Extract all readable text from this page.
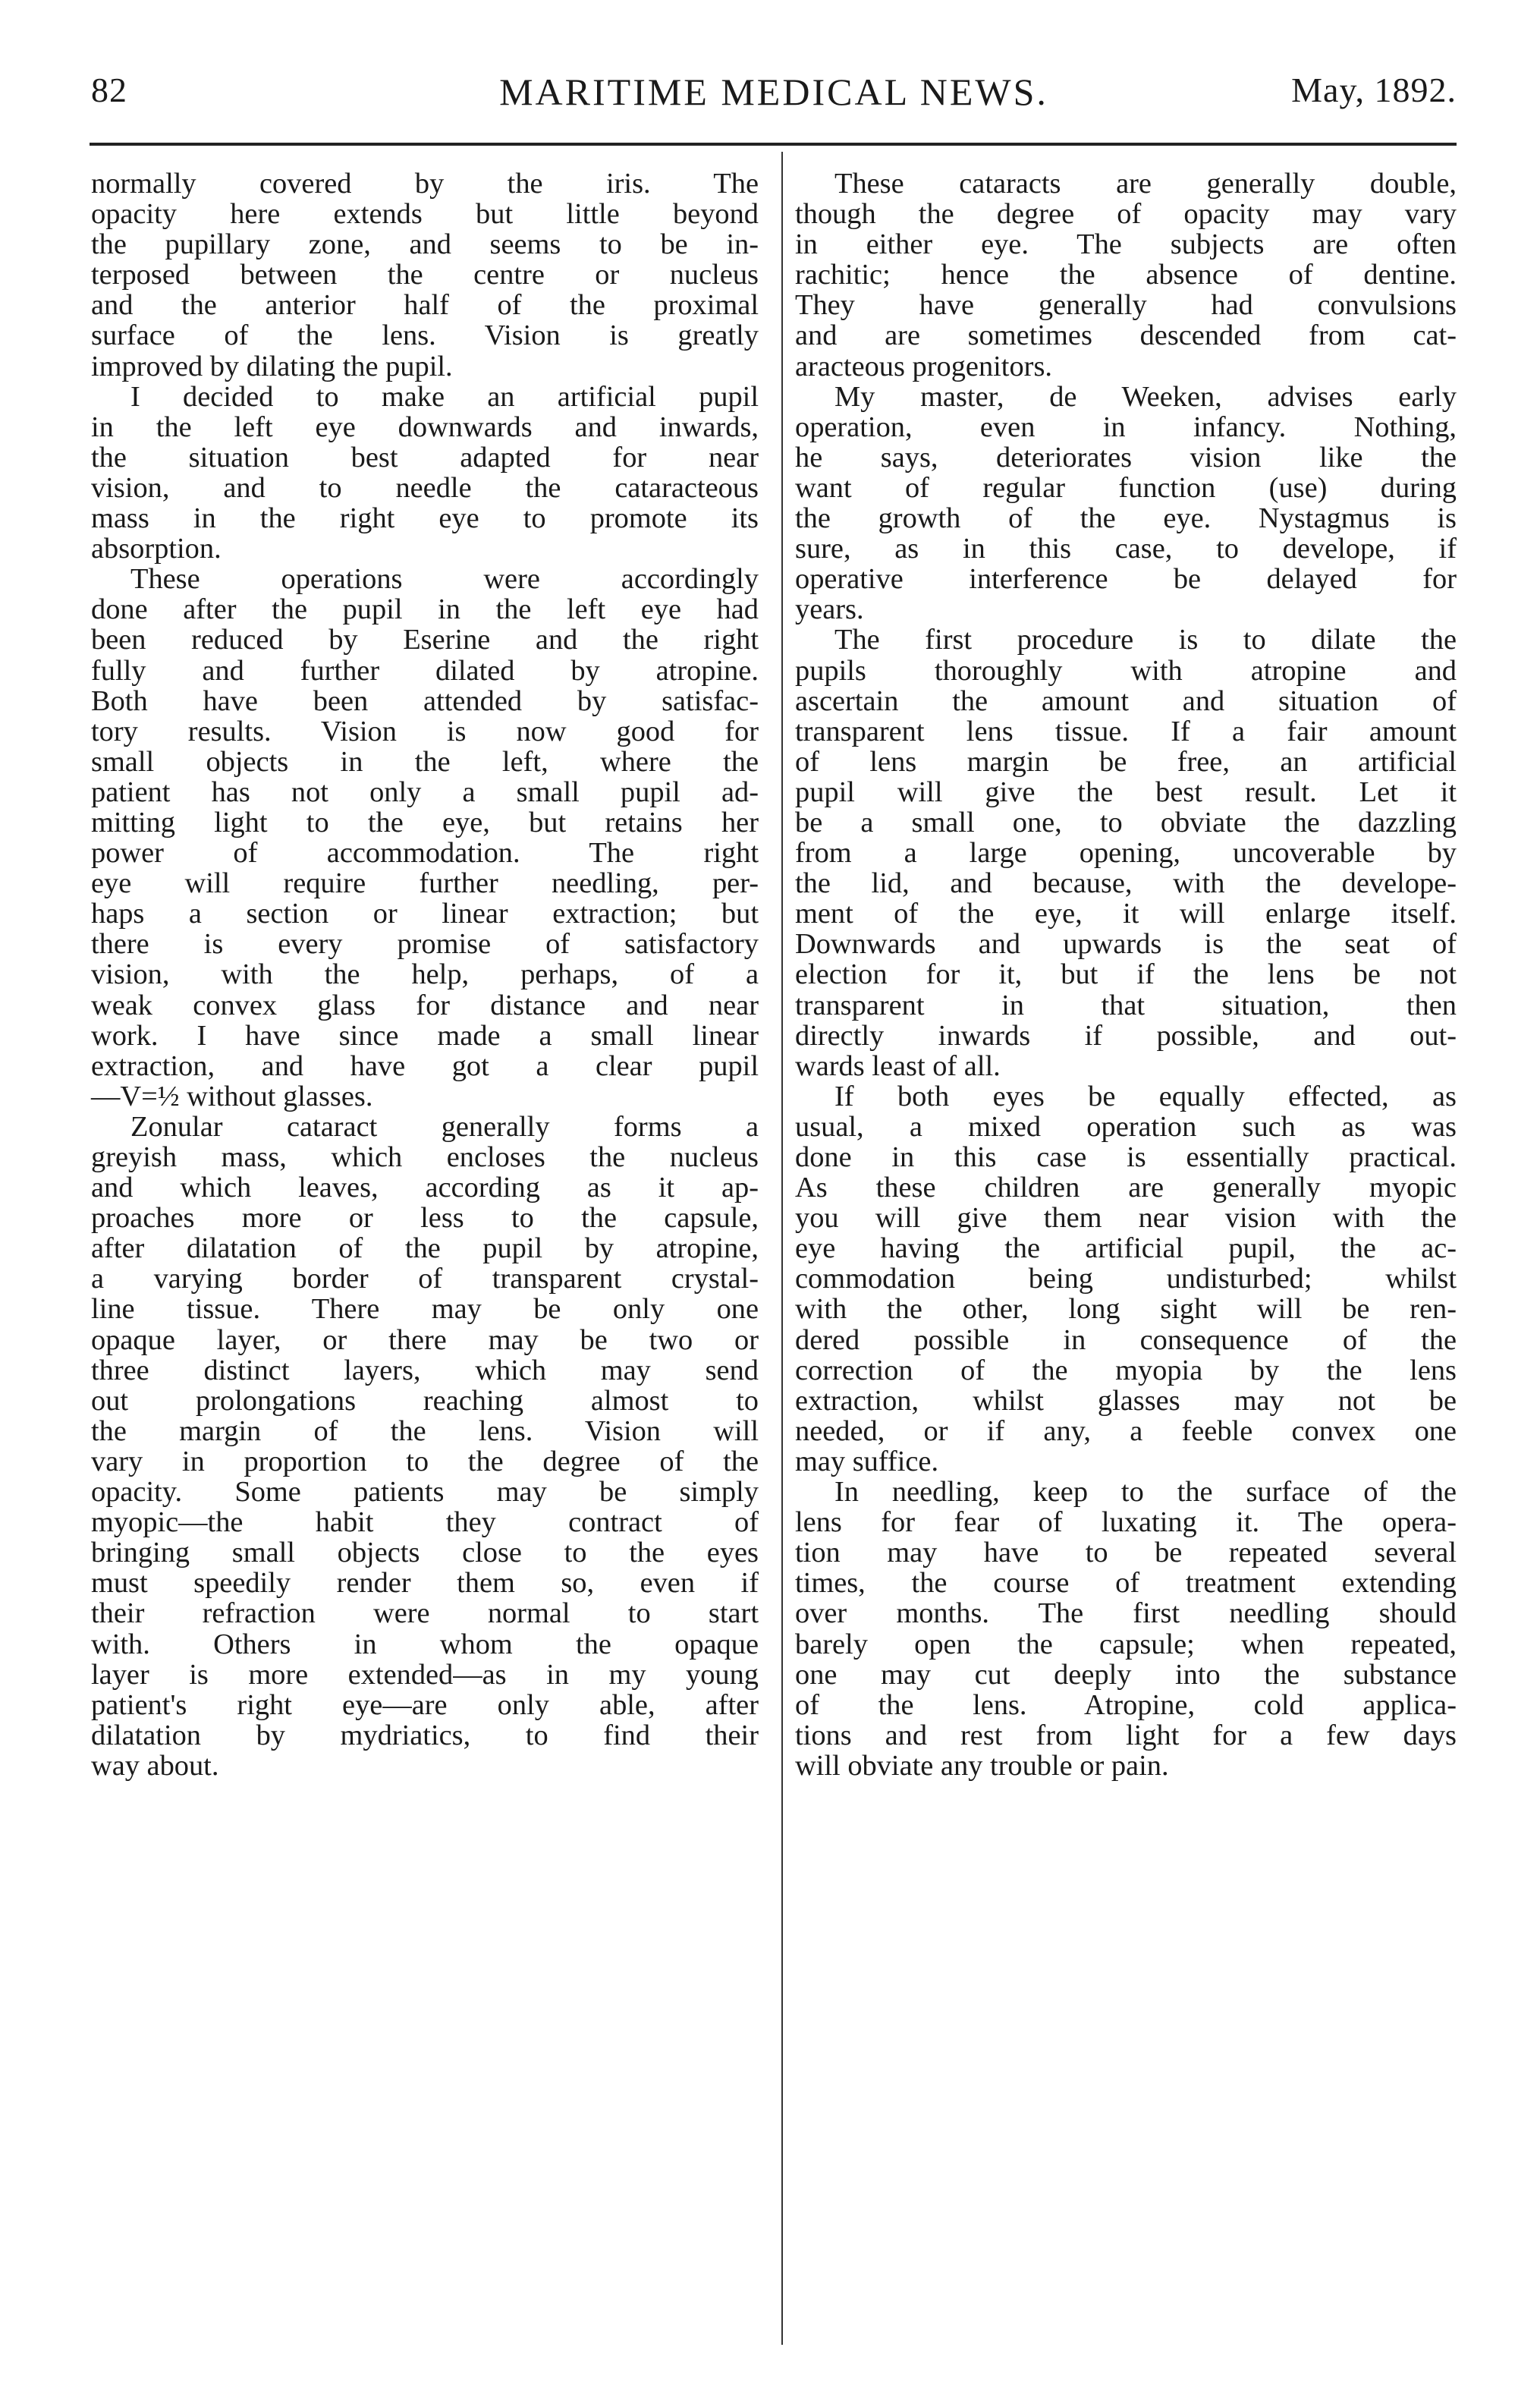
82	MARITIME MEDICAL NEWS.	May, 1892.

normally covered by the iris. The

opacity here extends but little beyond

the pupillary zone, and seems to be in-

terposed between the centre or nucleus

and the anterior half of the proximal

surface of the lens. Vision is greatly

improved by dilating the pupil.

I decided to make an artificial pupil

in the left eye downwards and inwards,

the situation best adapted for near

vision, and to needle the cataracteous

mass in the right eye to promote its

absorption.

These operations were accordingly

done after the pupil in the left eye had

been reduced by Eserine and the right

fully and further dilated by atropine.

Both have been attended by satisfac-

tory results. Vision is now good for

small objects in the left, where the

patient has not only a small pupil ad-

mitting light to the eye, but retains her

power of accommodation. The right

eye will require further needling, per-

haps a section or linear extraction; but

there is every promise of satisfactory

vision, with the help, perhaps, of a

weak convex glass for distance and near

work. I have since made a small linear

extraction, and have got a clear pupil

—V=½ without glasses.

Zonular cataract generally forms a

greyish mass, which encloses the nucleus

and which leaves, according as it ap-

proaches more or less to the capsule,

after dilatation of the pupil by atropine,

a varying border of transparent crystal-

line tissue. There may be only one

opaque layer, or there may be two or

three distinct layers, which may send

out prolongations reaching almost to

the margin of the lens. Vision will

vary in proportion to the degree of the

opacity. Some patients may be simply

myopic—the habit they contract of

bringing small objects close to the eyes

must speedily render them so, even if

their refraction were normal to start

with. Others in whom the opaque

layer is more extended—as in my young

patient's right eye—are only able, after

dilatation by mydriatics, to find their

way about.

These cataracts are generally double,

though the degree of opacity may vary

in either eye. The subjects are often

rachitic; hence the absence of dentine.

They have generally had convulsions

and are sometimes descended from cat-

aracteous progenitors.

My master, de Weeken, advises early

operation, even in infancy. Nothing,

he says, deteriorates vision like the

want of regular function (use) during

the growth of the eye. Nystagmus is

sure, as in this case, to develope, if

operative interference be delayed for

years.

The first procedure is to dilate the

pupils thoroughly with atropine and

ascertain the amount and situation of

transparent lens tissue. If a fair amount

of lens margin be free, an artificial

pupil will give the best result. Let it

be a small one, to obviate the dazzling

from a large opening, uncoverable by

the lid, and because, with the develope-

ment of the eye, it will enlarge itself.

Downwards and upwards is the seat of

election for it, but if the lens be not

transparent in that situation, then

directly inwards if possible, and out-

wards least of all.

If both eyes be equally effected, as

usual, a mixed operation such as was

done in this case is essentially practical.

As these children are generally myopic

you will give them near vision with the

eye having the artificial pupil, the ac-

commodation being undisturbed; whilst

with the other, long sight will be ren-

dered possible in consequence of the

correction of the myopia by the lens

extraction, whilst glasses may not be

needed, or if any, a feeble convex one

may suffice.

In needling, keep to the surface of the

lens for fear of luxating it. The opera-

tion may have to be repeated several

times, the course of treatment extending

over months. The first needling should

barely open the capsule; when repeated,

one may cut deeply into the substance

of the lens. Atropine, cold applica-

tions and rest from light for a few days

will obviate any trouble or pain.
